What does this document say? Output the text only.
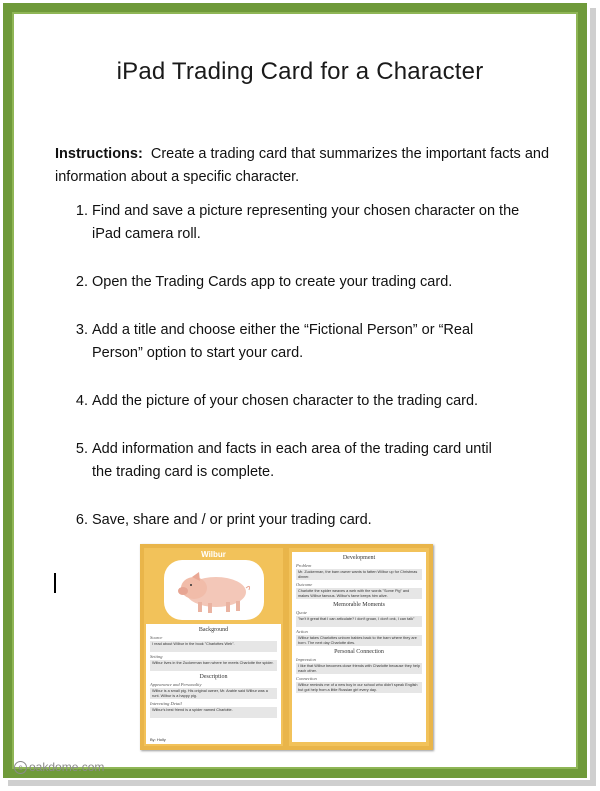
iPad Trading Card for a Character
Instructions: Create a trading card that summarizes the important facts and information about a specific character.
1. Find and save a picture representing your chosen character on the
iPad camera roll.
2. Open the Trading Cards app to create your trading card.
3. Add a title and choose either the “Fictional Person” or “Real
Person” option to start your card.
4. Add the picture of your chosen character to the trading card.
5. Add information and facts in each area of the trading card until
the trading card is complete.
6. Save, share and / or print your trading card.
Wilbur
Background
Source
I read about Wilbur in the book "Charlottes Web".
Setting
Wilbur lives in the Zuckerman barn where he meets Charlotte the spider.
Description
Appearance and Personality
Wilbur is a small pig. His original owner, Mr. Arable said Wilbur was a runt. Wilbur is a happy pig.
Interesting Detail
Wilbur's best friend is a spider named Charlotte.
By: Holly
Development
Problem
Mr. Zuckerman, the barn owner wants to fatten Wilbur up for Christmas dinner.
Outcome
Charlotte the spider weaves a web with the words "Some Pig" and makes Wilbur famous. Wilbur's fame keeps him alive.
Memorable Moments
Quote
"Isn't it great that I can articulate? I don't groan, I don't onk, I can talk"
Action
Wilbur takes Charlottes unborn babies back to the barn where they are born. The next day Charlotte dies.
Personal Connection
Impression
I like that Wilbur becomes close friends with Charlotte because they help each other.
Connection
Wilbur reminds me of a new boy in our school who didn't speak English but got help from a little Russian girl every day.
c oakdome.com
